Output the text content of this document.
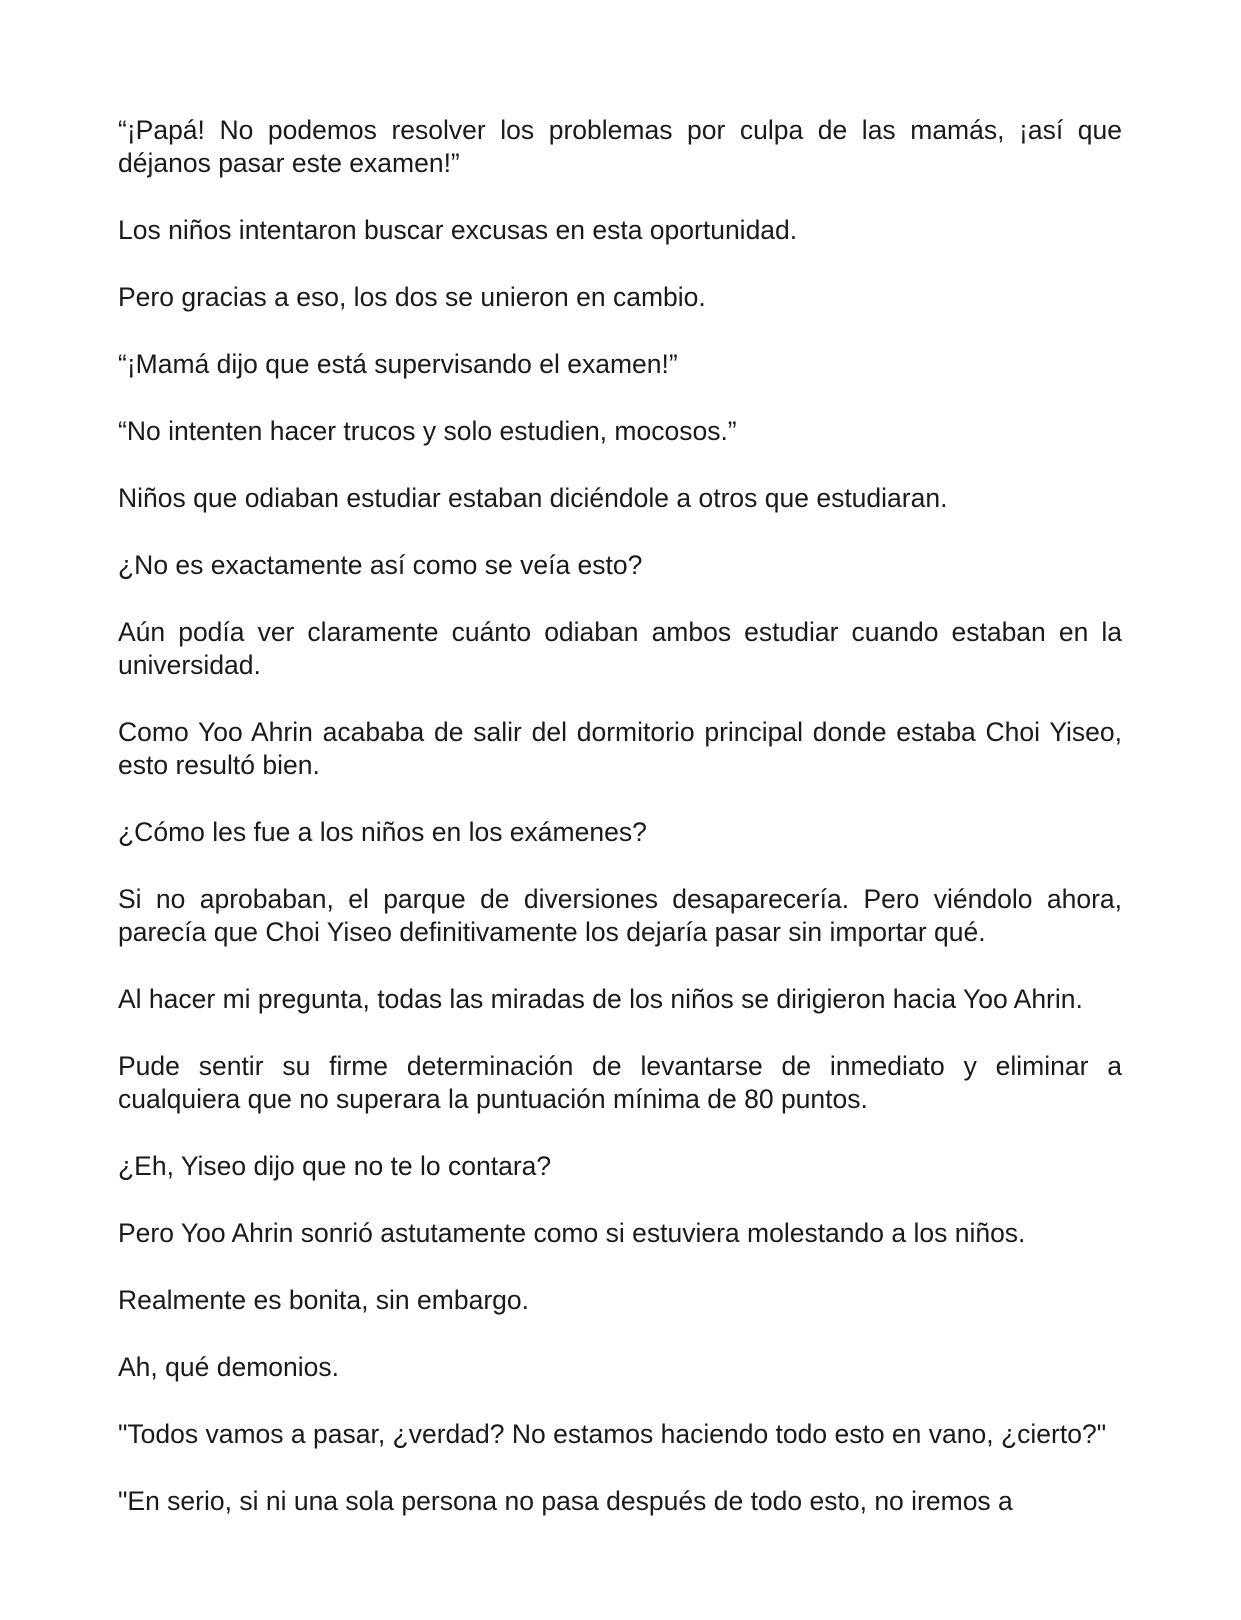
“¡Papá! No podemos resolver los problemas por culpa de las mamás, ¡así que déjanos pasar este examen!”

Los niños intentaron buscar excusas en esta oportunidad.

Pero gracias a eso, los dos se unieron en cambio.

“¡Mamá dijo que está supervisando el examen!”

“No intenten hacer trucos y solo estudien, mocosos.”

Niños que odiaban estudiar estaban diciéndole a otros que estudiaran.

¿No es exactamente así como se veía esto?

Aún podía ver claramente cuánto odiaban ambos estudiar cuando estaban en la universidad.

Como Yoo Ahrin acababa de salir del dormitorio principal donde estaba Choi Yiseo, esto resultó bien.

¿Cómo les fue a los niños en los exámenes?

Si no aprobaban, el parque de diversiones desaparecería. Pero viéndolo ahora, parecía que Choi Yiseo definitivamente los dejaría pasar sin importar qué.

Al hacer mi pregunta, todas las miradas de los niños se dirigieron hacia Yoo Ahrin.

Pude sentir su firme determinación de levantarse de inmediato y eliminar a cualquiera que no superara la puntuación mínima de 80 puntos.

¿Eh, Yiseo dijo que no te lo contara?

Pero Yoo Ahrin sonrió astutamente como si estuviera molestando a los niños.

Realmente es bonita, sin embargo.

Ah, qué demonios.

"Todos vamos a pasar, ¿verdad? No estamos haciendo todo esto en vano, ¿cierto?"

"En serio, si ni una sola persona no pasa después de todo esto, no iremos a
